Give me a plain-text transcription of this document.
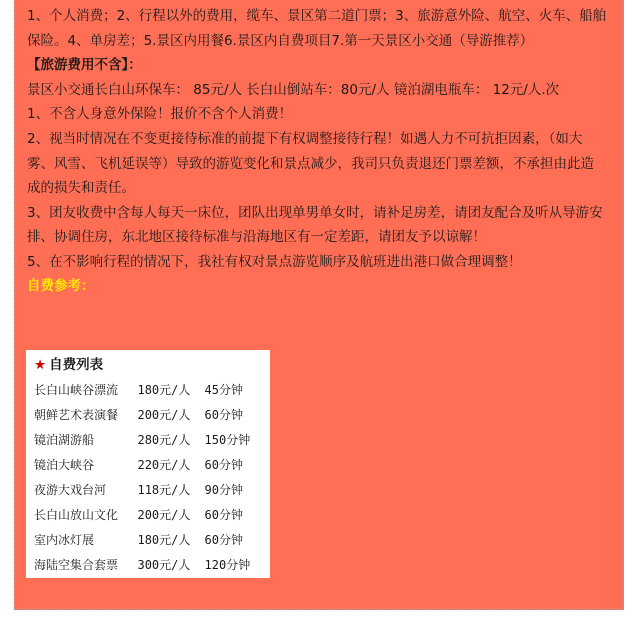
1、个人消费；2、行程以外的费用，缆车、景区第二道门票；3、旅游意外险、航空、火车、船舶保险。4、单房差；5.景区内用餐6.景区内自费项目7.第一天景区小交通（导游推荐）

【旅游费用不含】：

景区小交通长白山环保车： 85元/人 长白山倒站车：80元/人 镜泊湖电瓶车： 12元/人.次

1、不含人身意外保险！报价不含个人消费！

2、视当时情况在不变更接待标准的前提下有权调整接待行程！如遇人力不可抗拒因素，（如大雾、风雪、飞机延误等）导致的游览变化和景点减少，我司只负责退还门票差额，不承担由此造成的损失和责任。

3、团友收费中含每人每天一床位，团队出现单男单女时，请补足房差，请团友配合及听从导游安排、协调住房，东北地区接待标准与沿海地区有一定差距，请团友予以谅解！

5、在不影响行程的情况下，我社有权对景点游览顺序及航班进出港口做合理调整！

自费参考：

★ 自费列表
长白山峡谷漂流	180元/人	45分钟
朝鲜艺术表演餐	200元/人	60分钟
镜泊湖游船	280元/人	150分钟
镜泊大峡谷	220元/人	60分钟
夜游大戏台河	118元/人	90分钟
长白山放山文化	200元/人	60分钟
室内冰灯展	180元/人	60分钟
海陆空集合套票	300元/人	120分钟
